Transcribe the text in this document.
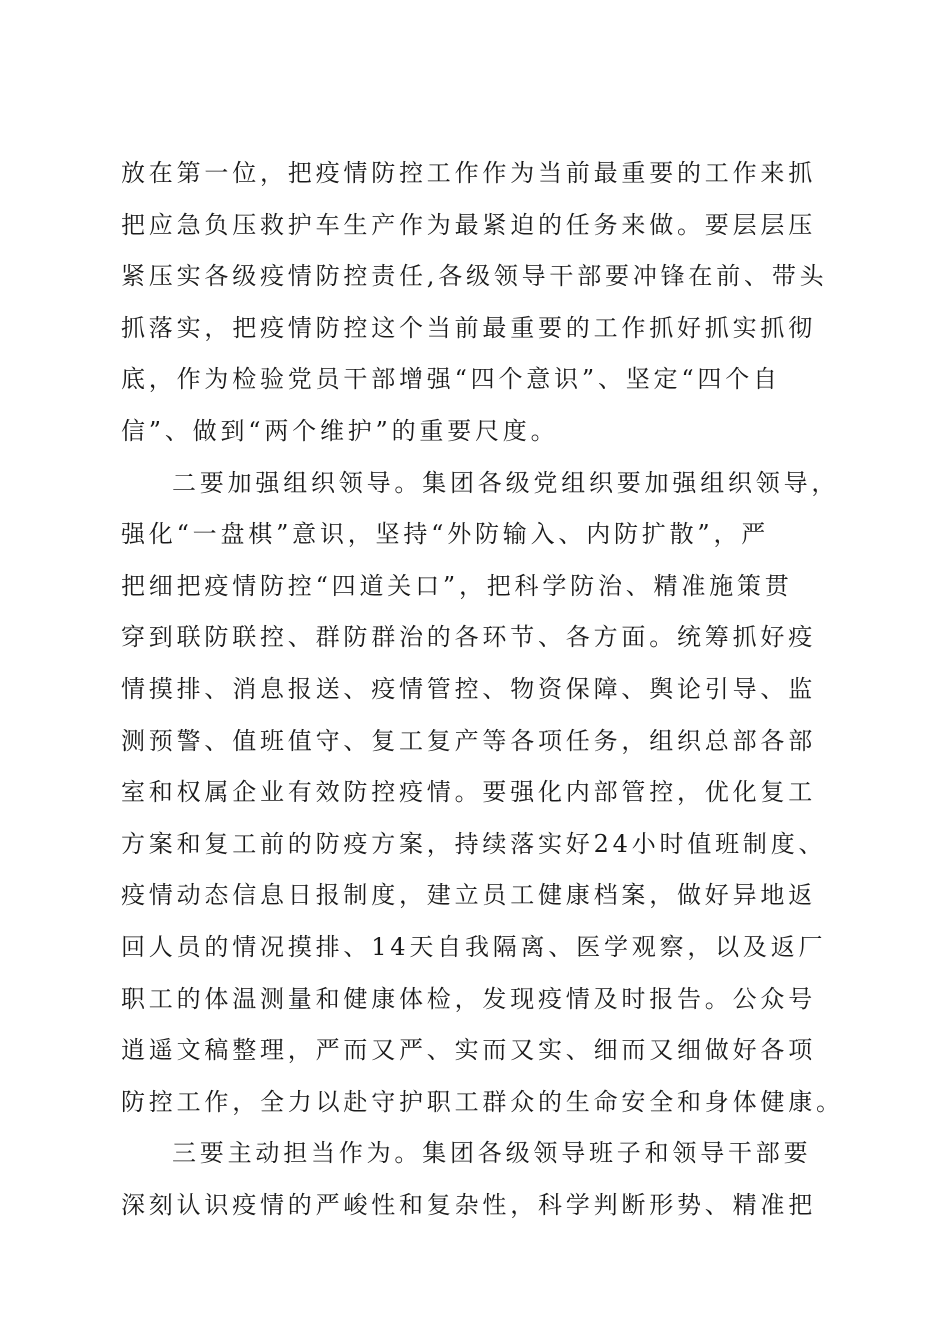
放在第一位，把疫情防控工作作为当前最重要的工作来抓
把应急负压救护车生产作为最紧迫的任务来做。要层层压
紧压实各级疫情防控责任,各级领导干部要冲锋在前、带头
抓落实，把疫情防控这个当前最重要的工作抓好抓实抓彻
底，作为检验党员干部增强“四个意识”、坚定“四个自
信”、做到“两个维护”的重要尺度。
二要加强组织领导。集团各级党组织要加强组织领导，
强化“一盘棋”意识，坚持“外防输入、内防扩散”，严
把细把疫情防控“四道关口”，把科学防治、精准施策贯
穿到联防联控、群防群治的各环节、各方面。统筹抓好疫
情摸排、消息报送、疫情管控、物资保障、舆论引导、监
测预警、值班值守、复工复产等各项任务，组织总部各部
室和权属企业有效防控疫情。要强化内部管控，优化复工
方案和复工前的防疫方案，持续落实好24小时值班制度、
疫情动态信息日报制度，建立员工健康档案，做好异地返
回人员的情况摸排、14天自我隔离、医学观察，以及返厂
职工的体温测量和健康体检，发现疫情及时报告。公众号
逍遥文稿整理，严而又严、实而又实、细而又细做好各项
防控工作，全力以赴守护职工群众的生命安全和身体健康。
三要主动担当作为。集团各级领导班子和领导干部要
深刻认识疫情的严峻性和复杂性，科学判断形势、精准把
